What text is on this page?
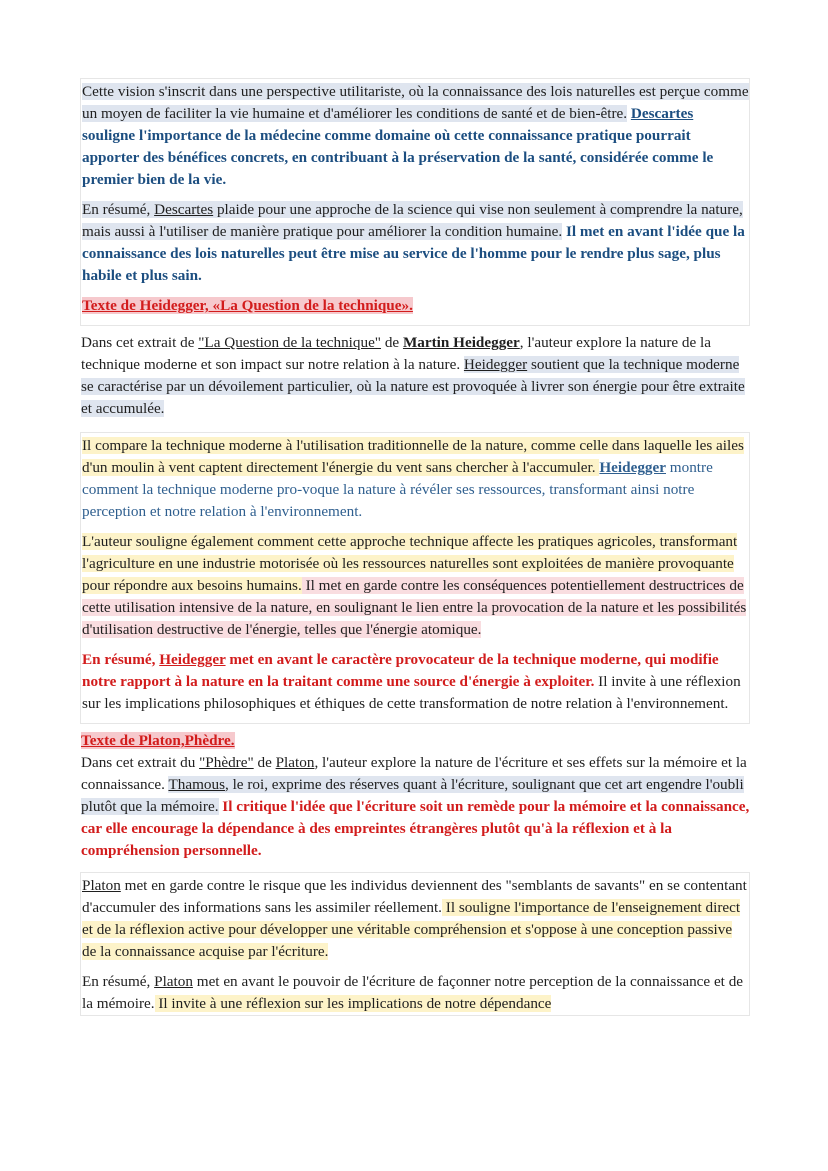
Cette vision s'inscrit dans une perspective utilitariste, où la connaissance des lois naturelles est perçue comme un moyen de faciliter la vie humaine et d'améliorer les conditions de santé et de bien-être. Descartes souligne l'importance de la médecine comme domaine où cette connaissance pratique pourrait apporter des bénéfices concrets, en contribuant à la préservation de la santé, considérée comme le premier bien de la vie.

En résumé, Descartes plaide pour une approche de la science qui vise non seulement à comprendre la nature, mais aussi à l'utiliser de manière pratique pour améliorer la condition humaine. Il met en avant l'idée que la connaissance des lois naturelles peut être mise au service de l'homme pour le rendre plus sage, plus habile et plus sain.

Texte de Heidegger, «La Question de la technique».

Dans cet extrait de "La Question de la technique" de Martin Heidegger, l'auteur explore la nature de la technique moderne et son impact sur notre relation à la nature. Heidegger soutient que la technique moderne se caractérise par un dévoilement particulier, où la nature est provoquée à livrer son énergie pour être extraite et accumulée.

Il compare la technique moderne à l'utilisation traditionnelle de la nature, comme celle dans laquelle les ailes d'un moulin à vent captent directement l'énergie du vent sans chercher à l'accumuler. Heidegger montre comment la technique moderne pro-voque la nature à révéler ses ressources, transformant ainsi notre perception et notre relation à l'environnement.

L'auteur souligne également comment cette approche technique affecte les pratiques agricoles, transformant l'agriculture en une industrie motorisée où les ressources naturelles sont exploitées de manière provoquante pour répondre aux besoins humains. Il met en garde contre les conséquences potentiellement destructrices de cette utilisation intensive de la nature, en soulignant le lien entre la provocation de la nature et les possibilités d'utilisation destructive de l'énergie, telles que l'énergie atomique.

En résumé, Heidegger met en avant le caractère provocateur de la technique moderne, qui modifie notre rapport à la nature en la traitant comme une source d'énergie à exploiter. Il invite à une réflexion sur les implications philosophiques et éthiques de cette transformation de notre relation à l'environnement.

Texte de Platon,Phèdre.

Dans cet extrait du "Phèdre" de Platon, l'auteur explore la nature de l'écriture et ses effets sur la mémoire et la connaissance. Thamous, le roi, exprime des réserves quant à l'écriture, soulignant que cet art engendre l'oubli plutôt que la mémoire. Il critique l'idée que l'écriture soit un remède pour la mémoire et la connaissance, car elle encourage la dépendance à des empreintes étrangères plutôt qu'à la réflexion et à la compréhension personnelle.

Platon met en garde contre le risque que les individus deviennent des "semblants de savants" en se contentant d'accumuler des informations sans les assimiler réellement. Il souligne l'importance de l'enseignement direct et de la réflexion active pour développer une véritable compréhension et s'oppose à une conception passive de la connaissance acquise par l'écriture.

En résumé, Platon met en avant le pouvoir de l'écriture de façonner notre perception de la connaissance et de la mémoire. Il invite à une réflexion sur les implications de notre dépendance
